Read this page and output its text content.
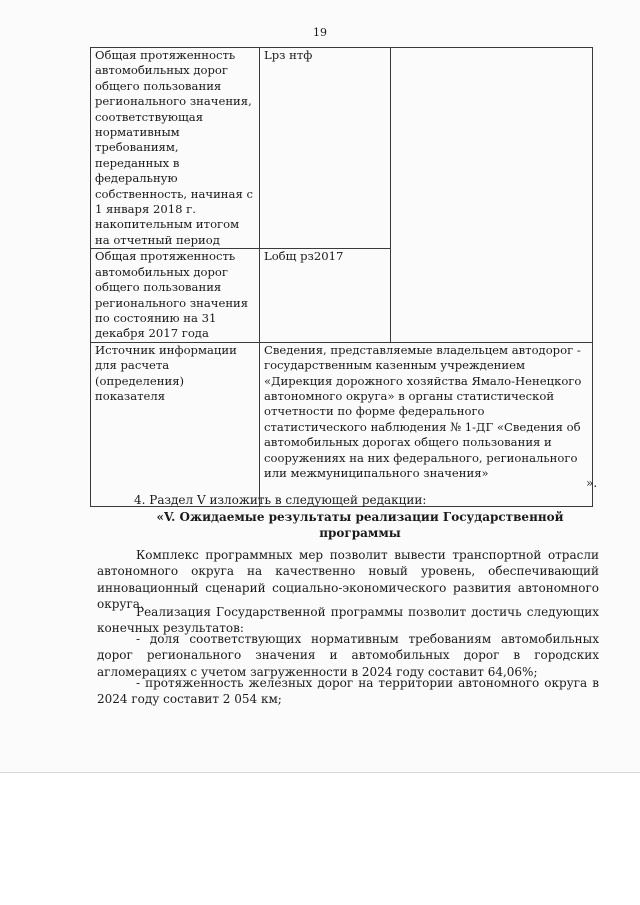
19
Общая протяженность автомобильных дорог общего пользования регионального значения, соответствующая нормативным требованиям, переданных в федеральную собственность, начиная с 1 января 2018 г. накопительным итогом на отчетный период	Lpз нтф	
Общая протяженность автомобильных дорог общего пользования регионального значения по состоянию на 31 декабря 2017 года	Lобщ рз2017	
Источник информации для расчета (определения) показателя	Сведения, представляемые владельцем автодорог - государственным казенным учреждением «Дирекция дорожного хозяйства Ямало-Ненецкого автономного округа» в органы статистической отчетности по форме федерального статистического наблюдения № 1-ДГ «Сведения об автомобильных дорогах общего пользования и сооружениях на них федерального, регионального или межмуниципального значения»	
».

4. Раздел V изложить в следующей редакции:

«V. Ожидаемые результаты реализации Государственной программы

Комплекс программных мер позволит вывести транспортной отрасли автономного округа на качественно новый уровень, обеспечивающий инновационный сценарий социально-экономического развития автономного округа.

Реализация Государственной программы позволит достичь следующих конечных результатов:

- доля соответствующих нормативным требованиям автомобильных дорог регионального значения и автомобильных дорог в городских агломерациях с учетом загруженности в 2024 году составит 64,06%;

- протяженность железных дорог на территории автономного округа в 2024 году составит 2 054 км;
